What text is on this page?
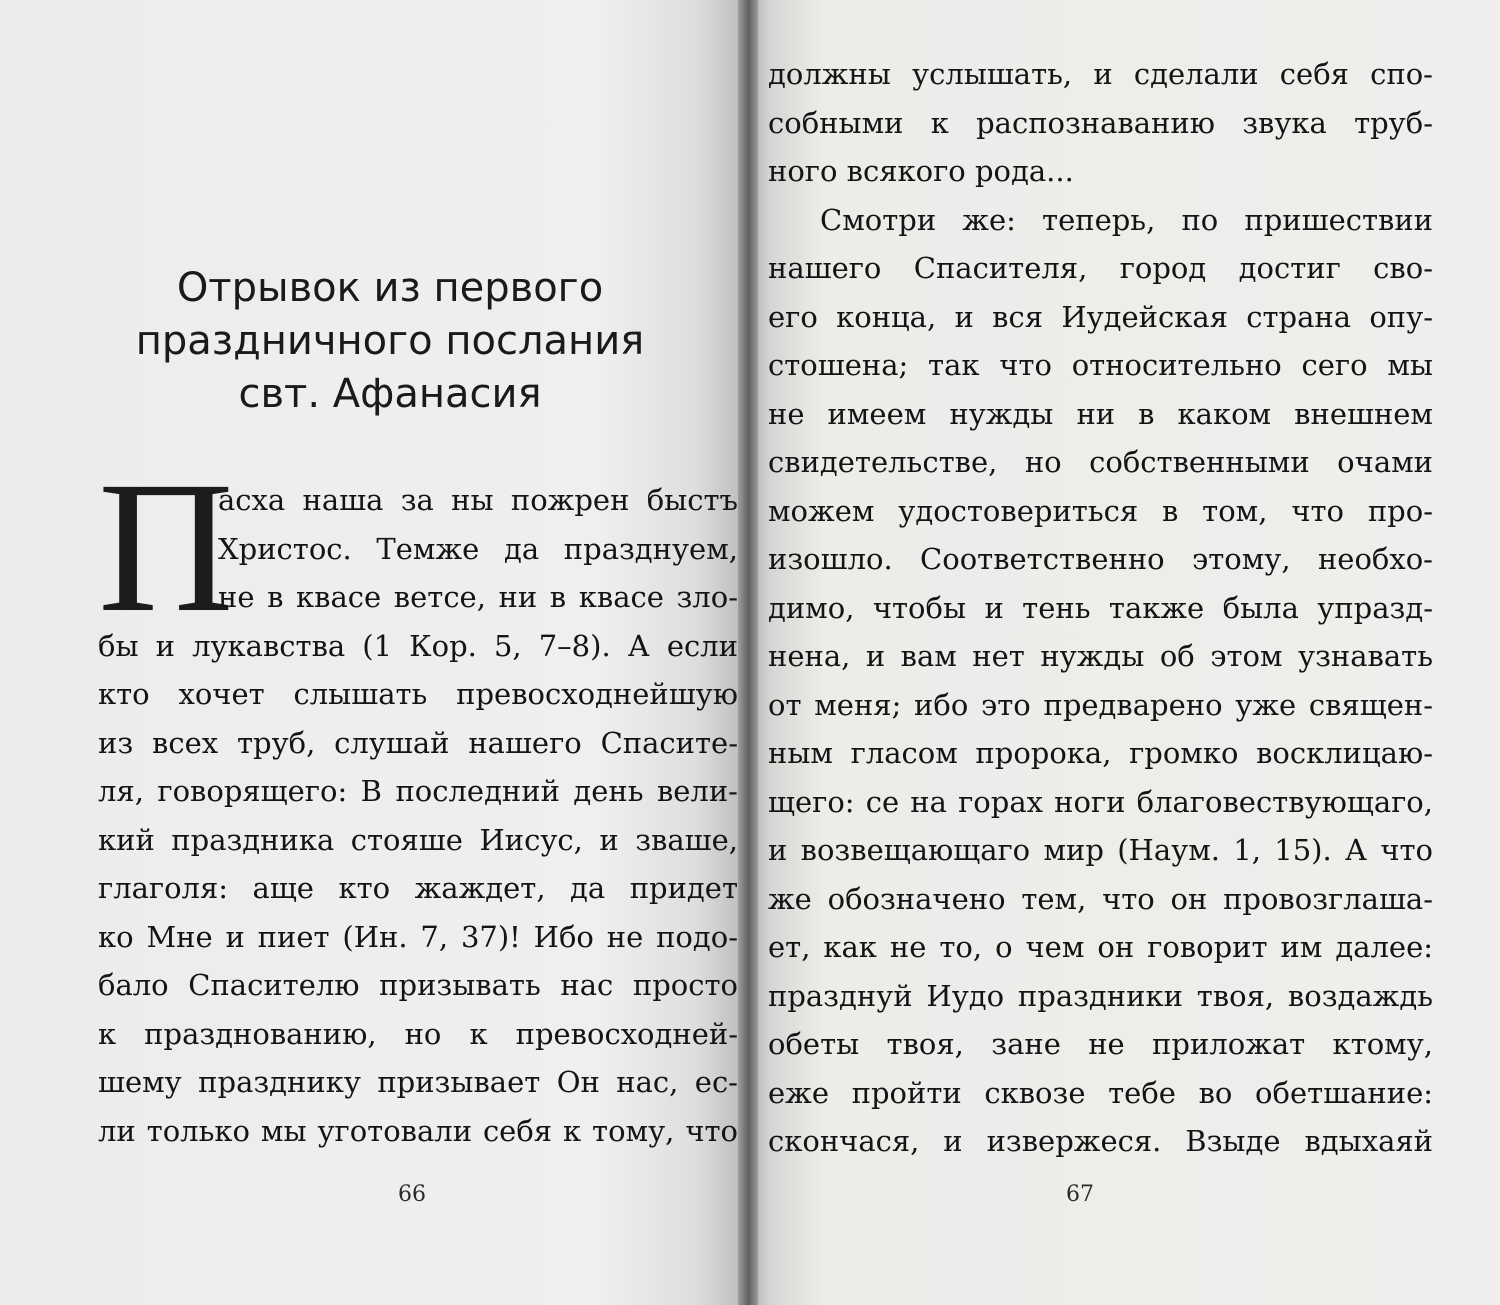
Отрывок из первого
праздничного послания
свт. Афанасия
П
асха наша за ны пожрен быстъ
Христос. Темже да празднуем,
не в квасе ветсе, ни в квасе зло-
бы и лукавства (1 Кор. 5, 7–8). А если
кто хочет слышать превосходнейшую
из всех труб, слушай нашего Спасите-
ля, говорящего: В последний день вели-
кий праздника стояше Иисус, и зваше,
глаголя: аще кто жаждет, да придет
ко Мне и пиет (Ин. 7, 37)! Ибо не подо-
бало Спасителю призывать нас просто
к празднованию, но к превосходней-
шему празднику призывает Он нас, ес-
ли только мы уготовали себя к тому, что
66
должны услышать, и сделали себя спо-
собными к распознаванию звука труб-
ного всякого рода...
Смотри же: теперь, по пришествии
нашего Спасителя, город достиг сво-
его конца, и вся Иудейская страна опу-
стошена; так что относительно сего мы
не имеем нужды ни в каком внешнем
свидетельстве, но собственными очами
можем удостовериться в том, что про-
изошло. Соответственно этому, необхо-
димо, чтобы и тень также была упразд-
нена, и вам нет нужды об этом узнавать
от меня; ибо это предварено уже священ-
ным гласом пророка, громко восклицаю-
щего: се на горах ноги благовествующаго,
и возвещающаго мир (Наум. 1, 15). А что
же обозначено тем, что он провозглаша-
ет, как не то, о чем он говорит им далее:
празднуй Иудо праздники твоя, воздаждь
обеты твоя, зане не приложат ктому,
еже пройти сквозе тебе во обетшание:
скончася, и извержеся. Взыде вдыхаяй
67
